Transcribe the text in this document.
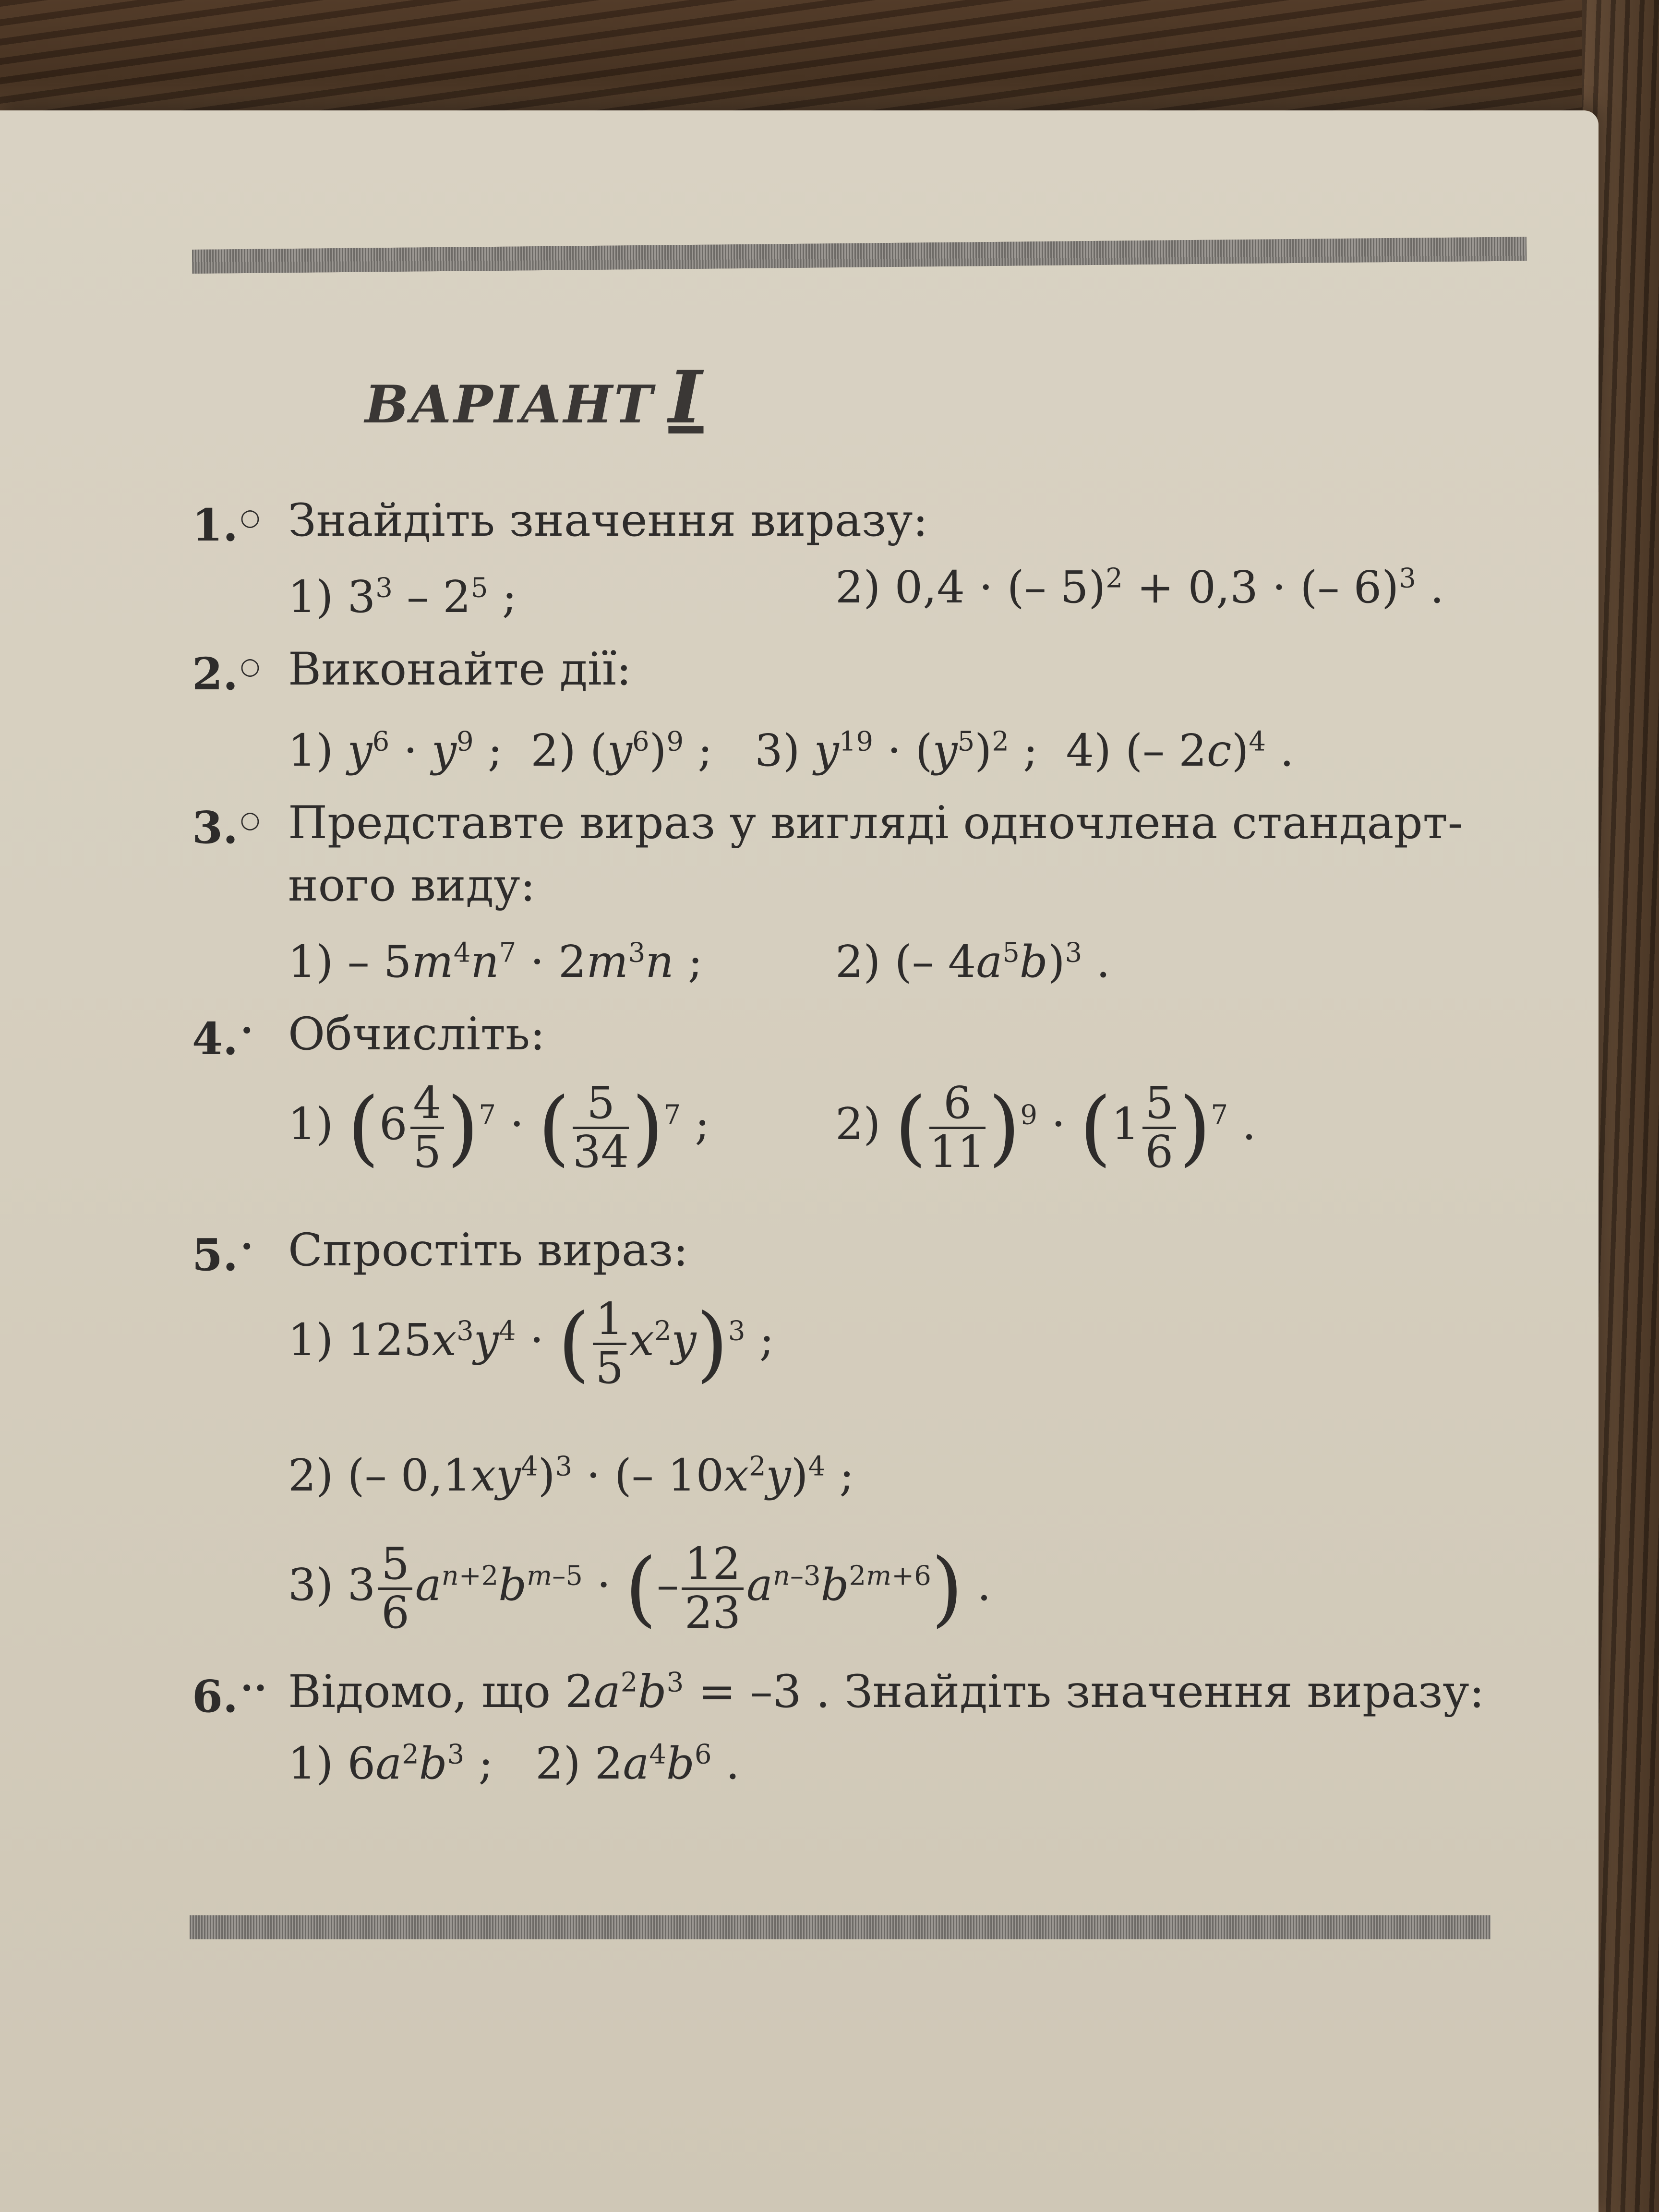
ВАРІАНТ I
1.○ Знайдіть значення виразу:
1) $3^3 - 2^5$ ;	2) 0,4 · (– 5)$^2$ + 0,3 · (– 6)$^3$ .
2.○ Виконайте дії:
1) $y^6 \cdot y^9$ ;  2) $(y^6)^9$ ;   3) $y^{19} \cdot (y^5)^2$ ;  4) (– 2c)$^4$ .
3.○ Представте вираз у вигляді одночлена стандарт-
ного виду:
$1) - 5m^4n^7 \cdot 2m^3n$ ;	2) (– $4a^5b)^3$ .
4.• Обчисліть:
1) $(6 \frac{4}{5} )^7$ · ( $\frac{5}{34} )^7$ ;	2) ( $\frac{6}{11} )^9 \cdot (1 \frac{5}{6} )^7$ .
5.• Спростіть вираз:
1) $125x^3y^4$ · ( $\frac{1}{5} x^2y)^3$ ;
2) (– $0,1xy^4)^3$ · (– $10x^2y)^4$ ;
3) $3 \frac{5}{6} a^{n+2}b^{m-5}$ · (– $\frac{12}{23} a^{n-3}b^{2m+6}$) .
6.•• Відомо, що $2a^2b^3 = -3$ . Знайдіть значення виразу:
1) $6a^2b^3$ ;   2) $2a^4b^6$ .
